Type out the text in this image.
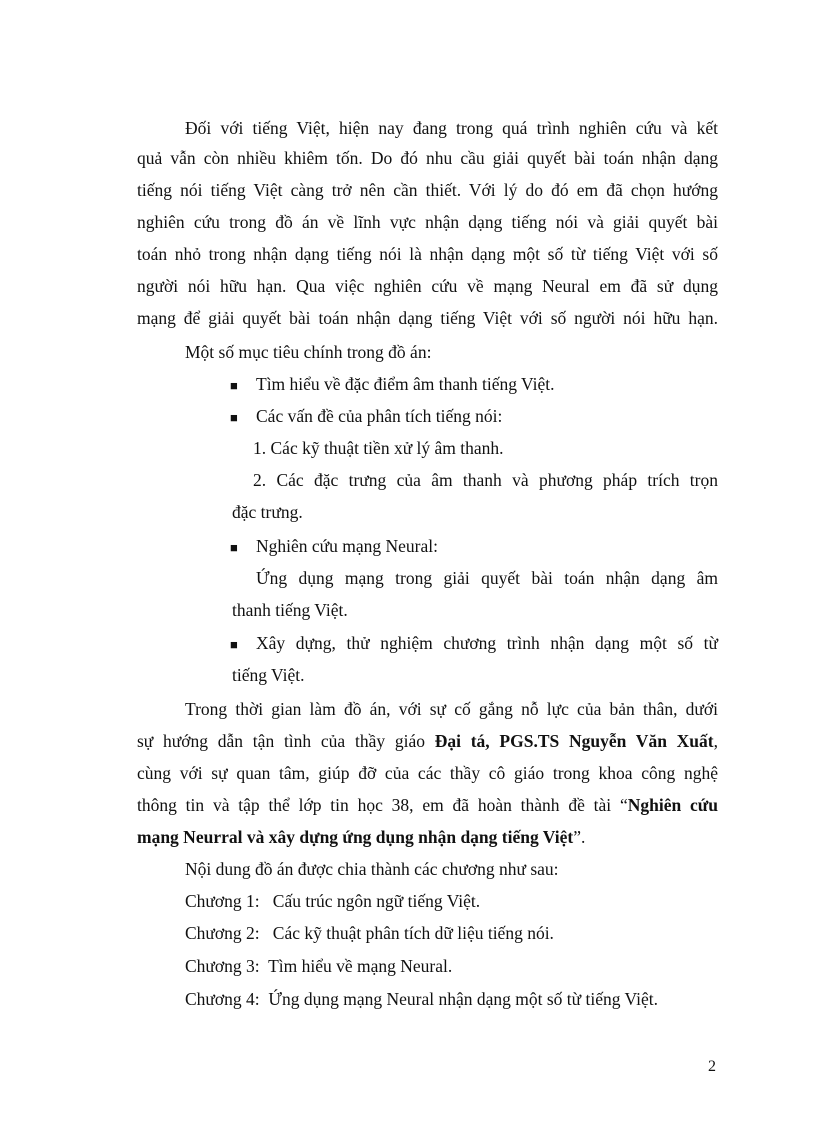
Đối với tiếng Việt, hiện nay đang trong quá trình nghiên cứu và kết
quả vẫn còn nhiều khiêm tốn. Do đó nhu cầu giải quyết bài toán nhận dạng
tiếng nói tiếng Việt càng trở nên cần thiết. Với lý do đó em đã chọn hướng
nghiên cứu trong đồ án về lĩnh vực nhận dạng tiếng nói và giải quyết bài
toán nhỏ trong nhận dạng tiếng nói là nhận dạng một số từ tiếng Việt với số
người nói hữu hạn. Qua việc nghiên cứu về mạng Neural em đã sử dụng
mạng để giải quyết bài toán nhận dạng tiếng Việt với số người nói hữu hạn.
Một số mục tiêu chính trong đồ án:
■ Tìm hiểu về đặc điểm âm thanh tiếng Việt.
■ Các vấn đề của phân tích tiếng nói:
1. Các kỹ thuật tiền xử lý âm thanh.
2. Các đặc trưng của âm thanh và phương pháp trích trọn
đặc trưng.
■ Nghiên cứu mạng Neural:
Ứng dụng mạng trong giải quyết bài toán nhận dạng âm
thanh tiếng Việt.
■ Xây dựng, thử nghiệm chương trình nhận dạng một số từ
tiếng Việt.
Trong thời gian làm đồ án, với sự cố gắng nỗ lực của bản thân, dưới
sự hướng dẫn tận tình của thầy giáo Đại tá, PGS.TS Nguyễn Văn Xuất,
cùng với sự quan tâm, giúp đỡ của các thầy cô giáo trong khoa công nghệ
thông tin và tập thể lớp tin học 38, em đã hoàn thành đề tài “Nghiên cứu
mạng Neurral và xây dựng ứng dụng nhận dạng tiếng Việt”.
Nội dung đồ án được chia thành các chương như sau:
Chương 1:   Cấu trúc ngôn ngữ tiếng Việt.
Chương 2:   Các kỹ thuật phân tích dữ liệu tiếng nói.
Chương 3:  Tìm hiểu về mạng Neural.
Chương 4:  Ứng dụng mạng Neural nhận dạng một số từ tiếng Việt.
2
